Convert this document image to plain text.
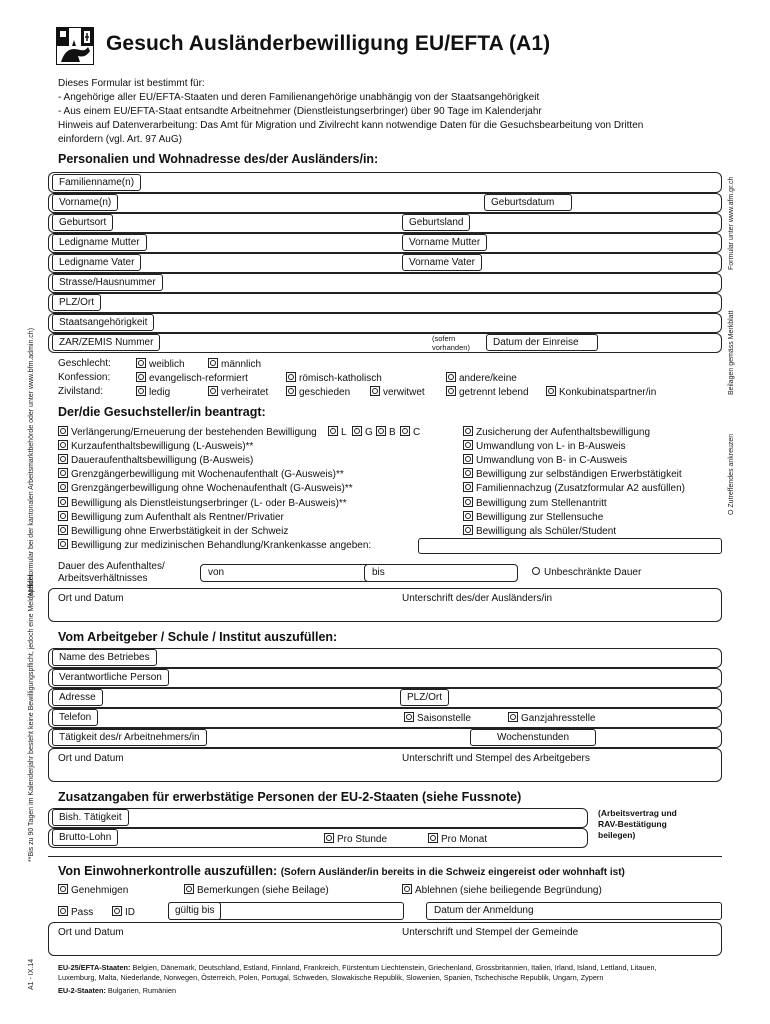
Gesuch Ausländerbewilligung EU/EFTA (A1)
Dieses Formular ist bestimmt für:
- Angehörige aller EU/EFTA-Staaten und deren Familienangehörige unabhängig von der Staatsangehörigkeit
- Aus einem EU/EFTA-Staat entsandte Arbeitnehmer (Dienstleistungserbringer) über 90 Tage im Kalenderjahr
Hinweis auf Datenverarbeitung: Das Amt für Migration und Zivilrecht kann notwendige Daten für die Gesuchsbearbeitung von Dritten
einfordern (vgl. Art. 97 AuG)
Formular unter www.afm.gr.ch
Beilagen gemäss Merkblatt
O Zutreffendes ankreuzen
(Meldeformular bei der kantonalen Arbeitsmarktbehörde oder unter www.bfm.admin.ch)
**Bis zu 90 Tagen im Kalenderjahr besteht keine Bewilligungspflicht, jedoch eine Meldepflicht
A1 - IX.14
Personalien und Wohnadresse des/der Ausländers/in:
Familienname(n)
Vorname(n)	Geburtsdatum
Geburtsort	Geburtsland
Ledigname Mutter	Vorname Mutter
Ledigname Vater	Vorname Vater
Strasse/Hausnummer
PLZ/Ort
Staatsangehörigkeit
ZAR/ZEMIS Nummer	(sofern vorhanden)	Datum der Einreise
Geschlecht:	weiblich	männlich
Konfession:	evangelisch-reformiert	römisch-katholisch	andere/keine
Zivilstand:	ledig	verheiratet	geschieden	verwitwet	getrennt lebend	Konkubinatspartner/in
Der/die Gesuchsteller/in beantragt:
Verlängerung/Erneuerung der bestehenden Bewilligung	L	G	B	C
Kurzaufenthaltsbewilligung (L-Ausweis)**
Daueraufenthaltsbewilligung (B-Ausweis)
Grenzgängerbewilligung mit Wochenaufenthalt (G-Ausweis)**
Grenzgängerbewilligung ohne Wochenaufenthalt (G-Ausweis)**
Bewilligung als Dienstleistungserbringer (L- oder B-Ausweis)**
Bewilligung zum Aufenthalt als Rentner/Privatier
Bewilligung ohne Erwerbstätigkeit in der Schweiz
Bewilligung zur medizinischen Behandlung/Krankenkasse angeben:
Zusicherung der Aufenthaltsbewilligung
Umwandlung von L- in B-Ausweis
Umwandlung von B- in C-Ausweis
Bewilligung zur selbständigen Erwerbstätigkeit
Familiennachzug (Zusatzformular A2 ausfüllen)
Bewilligung zum Stellenantritt
Bewilligung zur Stellensuche
Bewilligung als Schüler/Student
Dauer des Aufenthaltes/
Arbeitsverhältnisses
von	bis	Unbeschränkte Dauer
Ort und Datum	Unterschrift des/der Ausländers/in
Vom Arbeitgeber / Schule / Institut auszufüllen:
Name des Betriebes
Verantwortliche Person
Adresse	PLZ/Ort
Telefon	Saisonstelle	Ganzjahresstelle
Tätigkeit des/r Arbeitnehmers/in	Wochenstunden
Ort und Datum	Unterschrift und Stempel des Arbeitgebers
Zusatzangaben für erwerbstätige Personen der EU-2-Staaten (siehe Fussnote)
Bish. Tätigkeit
Brutto-Lohn	Pro Stunde	Pro Monat
(Arbeitsvertrag und
RAV-Bestätigung
beilegen)
Von Einwohnerkontrolle auszufüllen: (Sofern Ausländer/in bereits in die Schweiz eingereist oder wohnhaft ist)
Genehmigen	Bemerkungen (siehe Beilage)	Ablehnen (siehe beiliegende Begründung)
Pass	ID	gültig bis	Datum der Anmeldung
Ort und Datum	Unterschrift und Stempel der Gemeinde
EU-25/EFTA-Staaten: Belgien, Dänemark, Deutschland, Estland, Finnland, Frankreich, Fürstentum Liechtenstein, Griechenland, Grossbritannien, Italien, Irland, Island, Lettland, Litauen, Luxemburg, Malta, Niederlande, Norwegen, Österreich, Polen, Portugal, Schweden, Slowakische Republik, Slowenien, Spanien, Tschechische Republik, Ungarn, Zypern
EU-2-Staaten: Bulgarien, Rumänien
